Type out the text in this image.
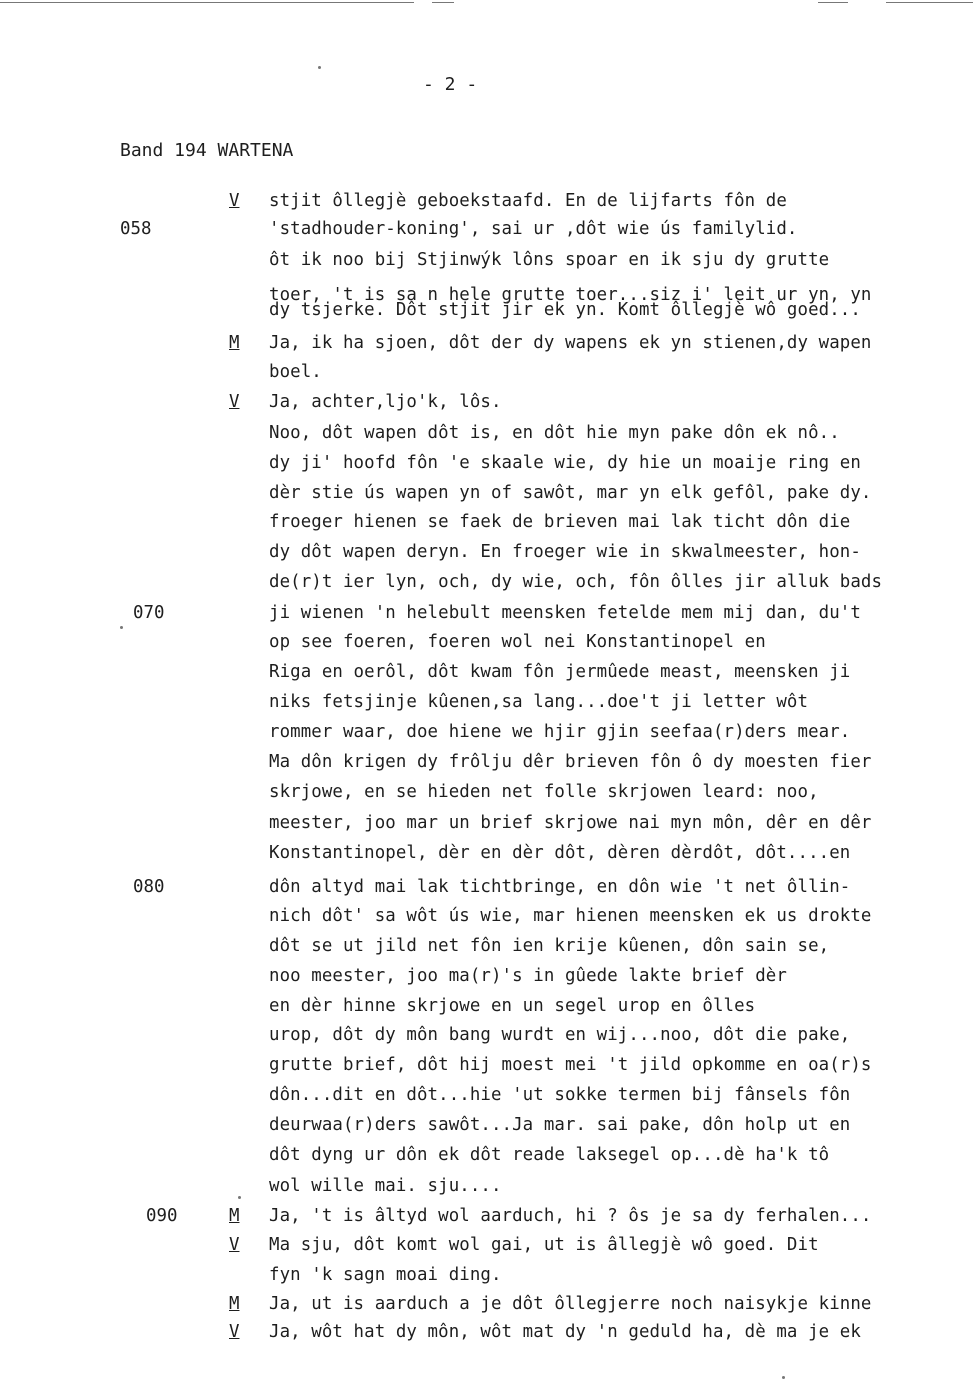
- 2 -
Band 194 WARTENA
058
070
080
090
V
M
V
M
V
M
V
stjit ôllegjè geboekstaafd. En de lijfarts fôn de
'stadhouder-koning', sai ur ,dôt wie ús familylid.
ôt ik noo bij Stjinwýk lôns spoar en ik sju dy grutte
toer, 't is sa n hele grutte toer...siz i' leit ur yn, yn
dy tsjerke. Dôt stjit jir ek yn. Komt ôllegjè wô goed...
Ja, ik ha sjoen, dôt der dy wapens ek yn stienen,dy wapen
boel.
Ja, achter,ljo'k, lôs.
Noo, dôt wapen dôt is, en dôt hie myn pake dôn ek nô..
dy ji' hoofd fôn 'e skaale wie, dy hie un moaije ring en
dèr stie ús wapen yn of sawôt, mar yn elk gefôl, pake dy.
froeger hienen se faek de brieven mai lak ticht dôn die
dy dôt wapen deryn. En froeger wie in skwalmeester, hon-
de(r)t ier lyn, och, dy wie, och, fôn ôlles jir alluk bads
ji wienen 'n helebult meensken fetelde mem mij dan, du't
op see foeren, foeren wol nei Konstantinopel en
Riga en oerôl, dôt kwam fôn jermûede meast, meensken ji
niks fetsjinje kûenen,sa lang...doe't ji letter wôt
rommer waar, doe hiene we hjir gjin seefaa(r)ders mear.
Ma dôn krigen dy frôlju dêr brieven fôn ô dy moesten fier
skrjowe, en se hieden net folle skrjowen leard: noo,
meester, joo mar un brief skrjowe nai myn môn, dêr en dêr
Konstantinopel, dèr en dèr dôt, dèren dèrdôt, dôt....en
dôn altyd mai lak tichtbringe, en dôn wie 't net ôllin-
nich dôt' sa wôt ús wie, mar hienen meensken ek us drokte
dôt se ut jild net fôn ien krije kûenen, dôn sain se,
noo meester, joo ma(r)'s in gûede lakte brief dèr
en dèr hinne skrjowe en un segel urop en ôlles
urop, dôt dy môn bang wurdt en wij...noo, dôt die pake,
grutte brief, dôt hij moest mei 't jild opkomme en oa(r)s
dôn...dit en dôt...hie 'ut sokke termen bij fânsels fôn
deurwaa(r)ders sawôt...Ja mar. sai pake, dôn holp ut en
dôt dyng ur dôn ek dôt reade laksegel op...dè ha'k tô
wol wille mai. sju....
Ja, 't is âltyd wol aarduch, hi ? ôs je sa dy ferhalen...
Ma sju, dôt komt wol gai, ut is âllegjè wô goed. Dit
fyn 'k sagn moai ding.
Ja, ut is aarduch a je dôt ôllegjerre noch naisykje kinne
Ja, wôt hat dy môn, wôt mat dy 'n geduld ha, dè ma je ek
